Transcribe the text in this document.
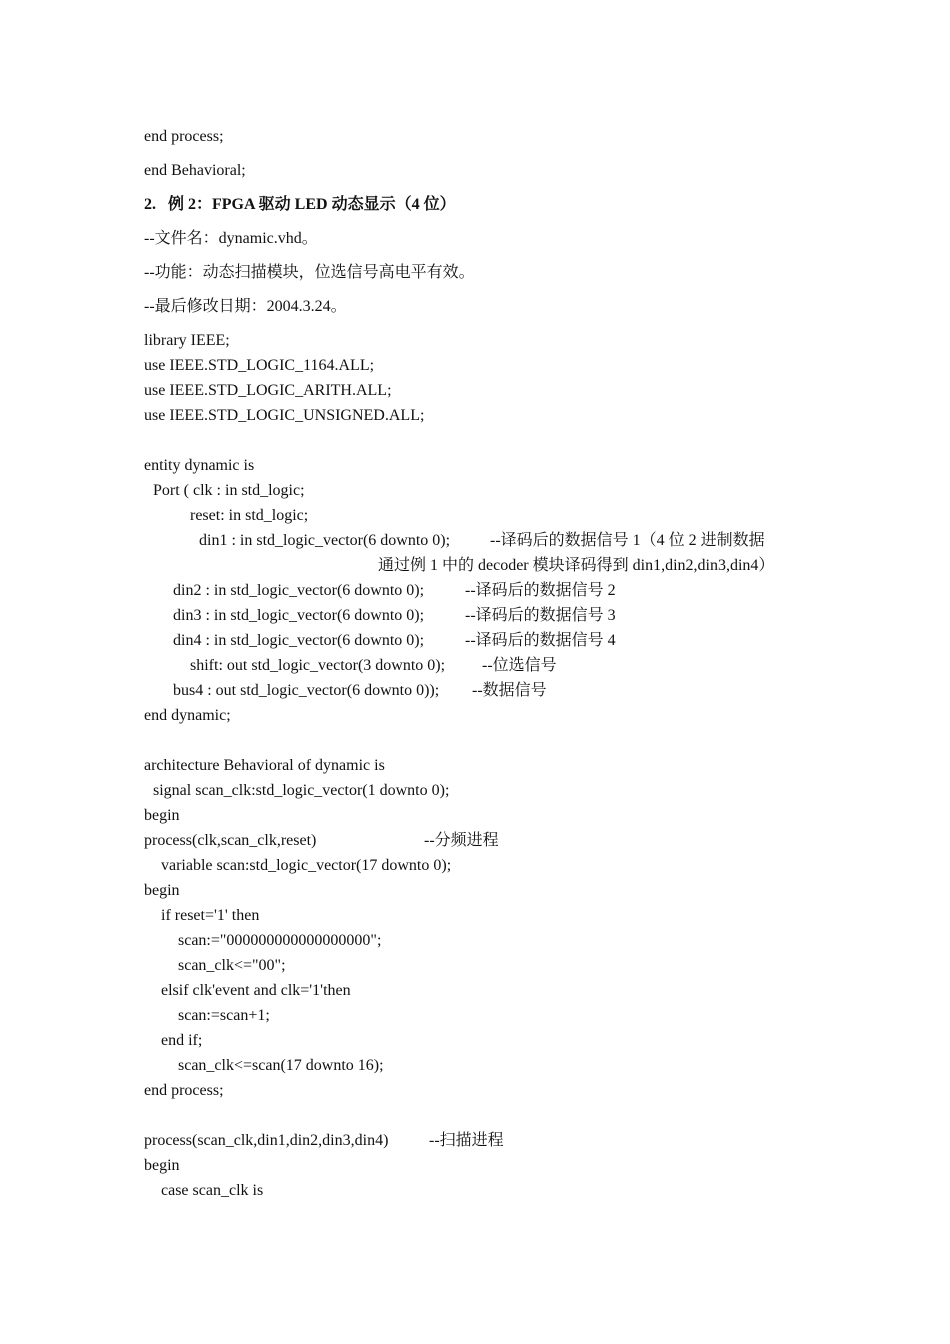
end process;
end Behavioral;
2.   例 2：FPGA 驱动 LED 动态显示（4 位）
--文件名：dynamic.vhd。
--功能：动态扫描模块，位选信号高电平有效。
--最后修改日期：2004.3.24。
library IEEE;
use IEEE.STD_LOGIC_1164.ALL;
use IEEE.STD_LOGIC_ARITH.ALL;
use IEEE.STD_LOGIC_UNSIGNED.ALL;
entity dynamic is
Port ( clk : in std_logic;
reset: in std_logic;
din1 : in std_logic_vector(6 downto 0); --译码后的数据信号 1（4 位 2 进制数据
通过例 1 中的 decoder 模块译码得到 din1,din2,din3,din4）
din2 : in std_logic_vector(6 downto 0);	--译码后的数据信号 2
din3 : in std_logic_vector(6 downto 0);	--译码后的数据信号 3
din4 : in std_logic_vector(6 downto 0);	--译码后的数据信号 4
shift: out std_logic_vector(3 downto 0); --位选信号
bus4 : out std_logic_vector(6 downto 0)); --数据信号
end dynamic;
architecture Behavioral of dynamic is
signal scan_clk:std_logic_vector(1 downto 0);
begin
process(clk,scan_clk,reset)	--分频进程
variable scan:std_logic_vector(17 downto 0);
begin
if reset='1' then
scan:="000000000000000000";
scan_clk<="00";
elsif clk'event and clk='1'then
scan:=scan+1;
end if;
scan_clk<=scan(17 downto 16);
end process;
process(scan_clk,din1,din2,din3,din4)	--扫描进程
begin
case scan_clk is
